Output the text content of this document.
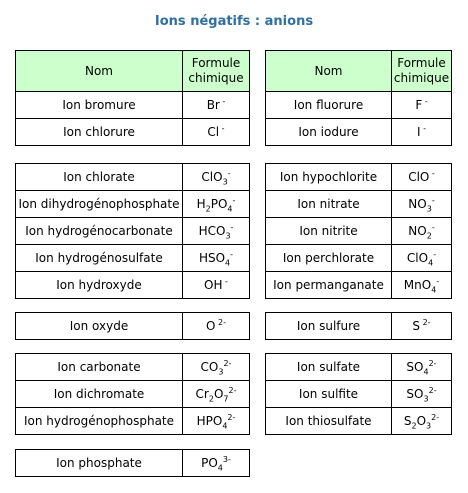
Ions négatifs : anions
Nom	Formule
chimique
Ion bromure	Br -
Ion chlorure	Cl -
Ion chlorate	ClO$_3$-
Ion dihydrogénophosphate	$H_2PO_4^-$
Ion hydrogénocarbonate	$HCO_3^-$
Ion hydrogénosulfate	$HSO_4^-$
Ion hydroxyde	OH -
Ion oxyde	O $^{2-}$
Ion carbonate	$CO_3^{2-}$
Ion dichromate	$Cr_2O_7^{2-}$
Ion hydrogénophosphate	$HPO_4^{2-}$
Ion phosphate	$PO_4^{3-}$
Nom	Formule
chimique
Ion fluorure	F -
Ion iodure	I -
Ion hypochlorite	ClO -
Ion nitrate	$NO_3^-$
Ion nitrite	$NO_2^-$
Ion perchlorate	ClO$_4$-
Ion permanganate	MnO$_4$-
Ion sulfure	S $^{2-}$
Ion sulfate	$SO_4^{2-}$
Ion sulfite	$SO_3^{2-}$
Ion thiosulfate	$S_2O_3^{2-}$
